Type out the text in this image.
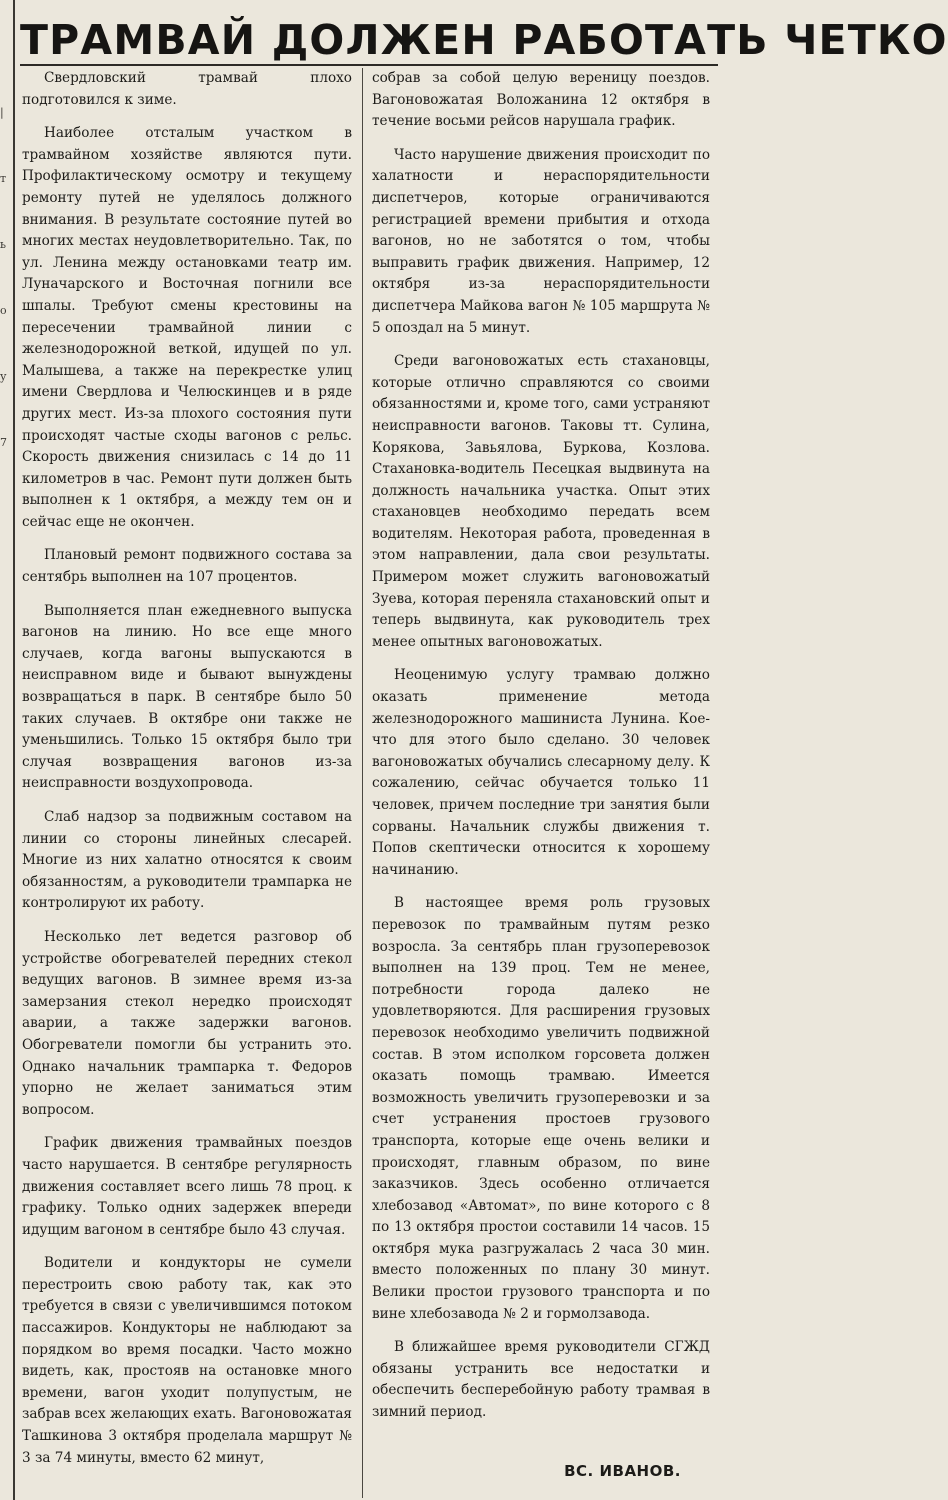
|
т
ь
о
у
7
ТРАМВАЙ ДОЛЖЕН РАБОТАТЬ ЧЕТКО

Свердловский трамвай плохо подготовился к зиме.

Наиболее отсталым участком в трамвайном хозяйстве являются пути. Профилактическому осмотру и текущему ремонту путей не уделялось должного внимания. В результате состояние путей во многих местах неудовлетворительно. Так, по ул. Ленина между остановками театр им. Луначарского и Восточная погнили все шпалы. Требуют смены крестовины на пересечении трамвайной линии с железнодорожной веткой, идущей по ул. Малышева, а также на перекрестке улиц имени Свердлова и Челюскинцев и в ряде других мест. Из-за плохого состояния пути происходят частые сходы вагонов с рельс. Скорость движения снизилась с 14 до 11 километров в час. Ремонт пути должен быть выполнен к 1 октября, а между тем он и сейчас еще не окончен.

Плановый ремонт подвижного состава за сентябрь выполнен на 107 процентов.

Выполняется план ежедневного выпуска вагонов на линию. Но все еще много случаев, когда вагоны выпускаются в неисправном виде и бывают вынуждены возвращаться в парк. В сентябре было 50 таких случаев. В октябре они также не уменьшились. Только 15 октября было три случая возвращения вагонов из-за неисправности воздухопровода.

Слаб надзор за подвижным составом на линии со стороны линейных слесарей. Многие из них халатно относятся к своим обязанностям, а руководители трампарка не контролируют их работу.

Несколько лет ведется разговор об устройстве обогревателей передних стекол ведущих вагонов. В зимнее время из-за замерзания стекол нередко происходят аварии, а также задержки вагонов. Обогреватели помогли бы устранить это. Однако начальник трампарка т. Федоров упорно не желает заниматься этим вопросом.

График движения трамвайных поездов часто нарушается. В сентябре регулярность движения составляет всего лишь 78 проц. к графику. Только одних задержек впереди идущим вагоном в сентябре было 43 случая.

Водители и кондукторы не сумели перестроить свою работу так, как это требуется в связи с увеличившимся потоком пассажиров. Кондукторы не наблюдают за порядком во время посадки. Часто можно видеть, как, простояв на остановке много времени, вагон уходит полупустым, не забрав всех желающих ехать. Вагоновожатая Ташкинова 3 октября проделала маршрут № 3 за 74 минуты, вместо 62 минут,

собрав за собой целую вереницу поездов. Вагоновожатая Воложанина 12 октября в течение восьми рейсов нарушала график.

Часто нарушение движения происходит по халатности и нераспорядительности диспетчеров, которые ограничиваются регистрацией времени прибытия и отхода вагонов, но не заботятся о том, чтобы выправить график движения. Например, 12 октября из-за нераспорядительности диспетчера Майкова вагон № 105 маршрута № 5 опоздал на 5 минут.

Среди вагоновожатых есть стахановцы, которые отлично справляются со своими обязанностями и, кроме того, сами устраняют неисправности вагонов. Таковы тт. Сулина, Корякова, Завьялова, Буркова, Козлова. Стахановка-водитель Песецкая выдвинута на должность начальника участка. Опыт этих стахановцев необходимо передать всем водителям. Некоторая работа, проведенная в этом направлении, дала свои результаты. Примером может служить вагоновожатый Зуева, которая переняла стахановский опыт и теперь выдвинута, как руководитель трех менее опытных вагоновожатых.

Неоценимую услугу трамваю должно оказать применение метода железнодорожного машиниста Лунина. Кое-что для этого было сделано. 30 человек вагоновожатых обучались слесарному делу. К сожалению, сейчас обучается только 11 человек, причем последние три занятия были сорваны. Начальник службы движения т. Попов скептически относится к хорошему начинанию.

В настоящее время роль грузовых перевозок по трамвайным путям резко возросла. За сентябрь план грузоперевозок выполнен на 139 проц. Тем не менее, потребности города далеко не удовлетворяются. Для расширения грузовых перевозок необходимо увеличить подвижной состав. В этом исполком горсовета должен оказать помощь трамваю. Имеется возможность увеличить грузоперевозки и за счет устранения простоев грузового транспорта, которые еще очень велики и происходят, главным образом, по вине заказчиков. Здесь особенно отличается хлебозавод «Автомат», по вине которого с 8 по 13 октября простои составили 14 часов. 15 октября мука разгружалась 2 часа 30 мин. вместо положенных по плану 30 минут. Велики простои грузового транспорта и по вине хлебозавода № 2 и гормолзавода.

В ближайшее время руководители СГЖД обязаны устранить все недостатки и обеспечить бесперебойную работу трамвая в зимний период.

ВС. ИВАНОВ.
